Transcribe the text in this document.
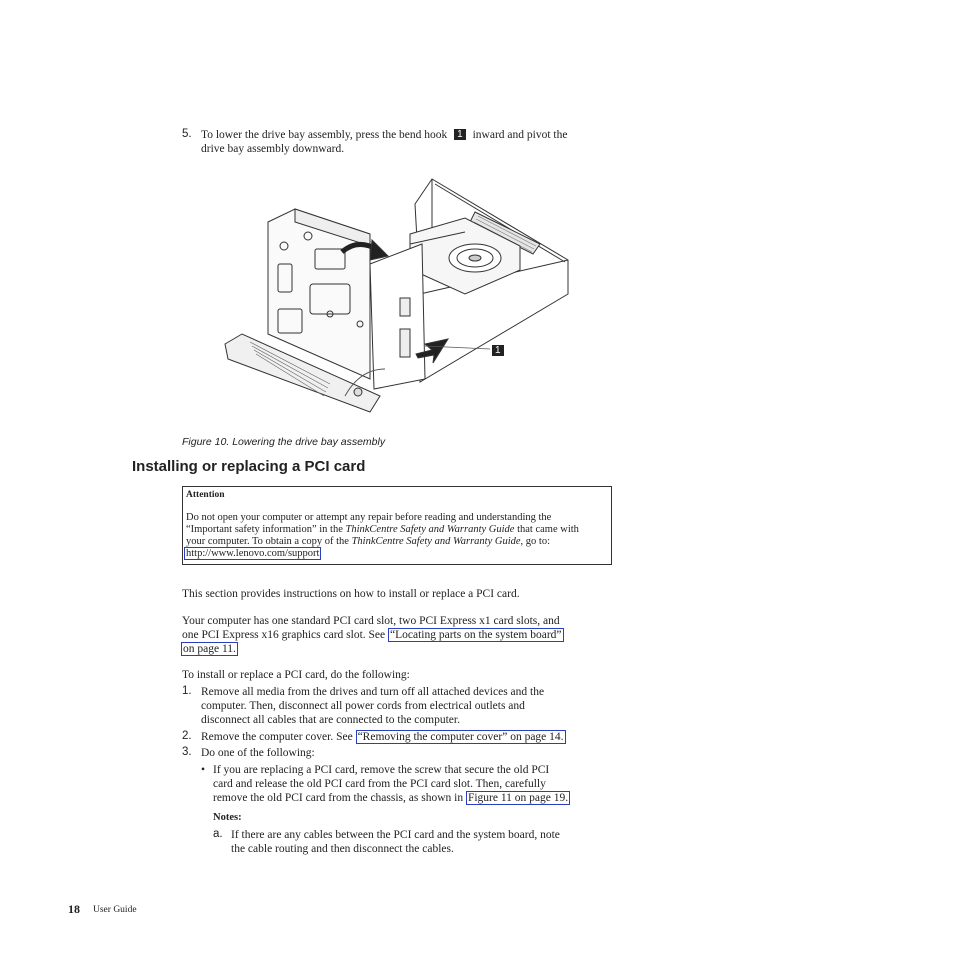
5. To lower the drive bay assembly, press the bend hook 1 inward and pivot the
drive bay assembly downward.
1
Figure 10. Lowering the drive bay assembly
Installing or replacing a PCI card
Attention
Do not open your computer or attempt any repair before reading and understanding the
“Important safety information” in the ThinkCentre Safety and Warranty Guide that came with
your computer. To obtain a copy of the ThinkCentre Safety and Warranty Guide, go to:
http://www.lenovo.com/support
This section provides instructions on how to install or replace a PCI card.
Your computer has one standard PCI card slot, two PCI Express x1 card slots, and
one PCI Express x16 graphics card slot. See “Locating parts on the system board”
on page 11.
To install or replace a PCI card, do the following:
1. Remove all media from the drives and turn off all attached devices and the
computer. Then, disconnect all power cords from electrical outlets and
disconnect all cables that are connected to the computer.
2. Remove the computer cover. See “Removing the computer cover” on page 14.
3. Do one of the following:
• If you are replacing a PCI card, remove the screw that secure the old PCI
card and release the old PCI card from the PCI card slot. Then, carefully
remove the old PCI card from the chassis, as shown in Figure 11 on page 19.
Notes:
a. If there are any cables between the PCI card and the system board, note
the cable routing and then disconnect the cables.
18 User Guide
